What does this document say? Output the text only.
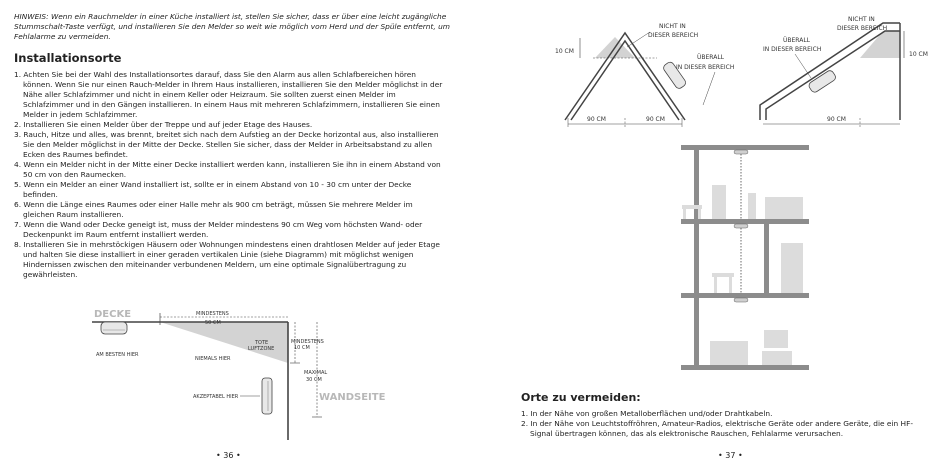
HINWEIS: Wenn ein Rauchmelder in einer Küche installiert ist, stellen Sie sicher, dass er über eine leicht zugängliche Stummschalt-Taste verfügt, und installieren Sie den Melder so weit wie möglich vom Herd und der Spüle entfernt, um Fehlalarme zu vermeiden.

Installationsorte
1. Achten Sie bei der Wahl des Installationsortes darauf, dass Sie den Alarm aus allen Schlafbereichen hören können. Wenn Sie nur einen Rauch-Melder in Ihrem Haus installieren, installieren Sie den Melder möglichst in der Nähe aller Schlafzimmer und nicht in einem Keller oder Heizraum. Sie sollten zuerst einen Melder im Schlafzimmer und in den Gängen installieren. In einem Haus mit mehreren Schlafzimmern, installieren Sie einen Melder in jedem Schlafzimmer.
2. Installieren Sie einen Melder über der Treppe und auf jeder Etage des Hauses.
3. Rauch, Hitze und alles, was brennt, breitet sich nach dem Aufstieg an der Decke horizontal aus, also installieren Sie den Melder möglichst in der Mitte der Decke. Stellen Sie sicher, dass der Melder in Arbeitsabstand zu allen Ecken des Raumes befindet.
4. Wenn ein Melder nicht in der Mitte einer Decke installiert werden kann, installieren Sie ihn in einem Abstand von 50 cm von den Raumecken.
5. Wenn ein Melder an einer Wand installiert ist, sollte er in einem Abstand von 10 - 30 cm unter der Decke befinden.
6. Wenn die Länge eines Raumes oder einer Halle mehr als 900 cm beträgt, müssen Sie mehrere Melder im gleichen Raum installieren.
7. Wenn die Wand oder Decke geneigt ist, muss der Melder mindestens 90 cm Weg vom höchsten Wand- oder Deckenpunkt im Raum entfernt installiert werden.
8. Installieren Sie in mehrstöckigen Häusern oder Wohnungen mindestens einen drahtlosen Melder auf jeder Etage und halten Sie diese installiert in einer geraden vertikalen Linie (siehe Diagramm) mit möglichst wenigen Hindernissen zwischen den miteinander verbundenen Meldern, um eine optimale Signalübertragung zu gewährleisten.
DECKE
WANDSEITE
MINDESTENS
50 CM
TOTE
LUFTZONE
AM BESTEN HIER
NIEMALS HIER
AKZEPTABEL HIER
MINDESTENS
10 CM
MAXIMAL
30 CM
• 36 •
10 CM
NICHT IN
DIESER BEREICH
ÜBERALL
IN DIESER BEREICH
90 CM	90 CM
NICHT IN
DIESER BEREICH
ÜBERALL
IN DIESER BEREICH
10 CM
90 CM
Orte zu vermeiden:
1. In der Nähe von großen Metalloberflächen und/oder Drahtkabeln.
2. In der Nähe von Leuchtstoffröhren, Amateur-Radios, elektrische Geräte oder andere Geräte, die ein HF-Signal übertragen können, das als elektronische Rauschen, Fehlalarme verursachen.
• 37 •
